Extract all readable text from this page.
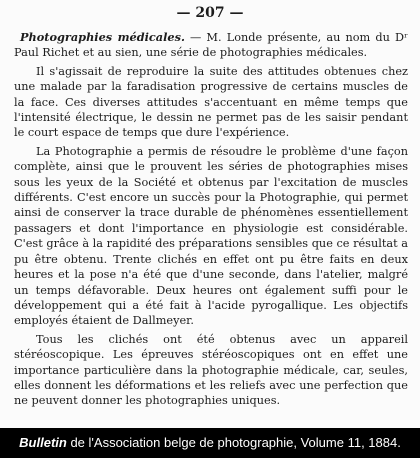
— 207 —

Photographies médicales. — M. Londe présente, au nom du Dʳ Paul Richet et au sien, une série de photographies médicales.

Il s'agissait de reproduire la suite des attitudes obtenues chez une malade par la faradisation progressive de certains muscles de la face. Ces diverses attitudes s'accentuant en même temps que l'intensité électrique, le dessin ne permet pas de les saisir pendant le court espace de temps que dure l'expérience.

La Photographie a permis de résoudre le problème d'une façon complète, ainsi que le prouvent les séries de photographies mises sous les yeux de la Société et obtenus par l'excitation de muscles différents. C'est encore un succès pour la Photographie, qui permet ainsi de conserver la trace durable de phénomènes essentiellement passagers et dont l'importance en physiologie est considérable. C'est grâce à la rapidité des préparations sensibles que ce résultat a pu être obtenu. Trente clichés en effet ont pu être faits en deux heures et la pose n'a été que d'une seconde, dans l'atelier, malgré un temps défavorable. Deux heures ont également suffi pour le développement qui a été fait à l'acide pyrogallique. Les objectifs employés étaient de Dallmeyer.

Tous les clichés ont été obtenus avec un appareil stéréoscopique. Les épreuves stéréoscopiques ont en effet une importance particulière dans la photographie médicale, car, seules, elles donnent les déformations et les reliefs avec une perfection que ne peuvent donner les photographies uniques.

Bulletin de l'Association belge de photographie, Volume 11, 1884.
